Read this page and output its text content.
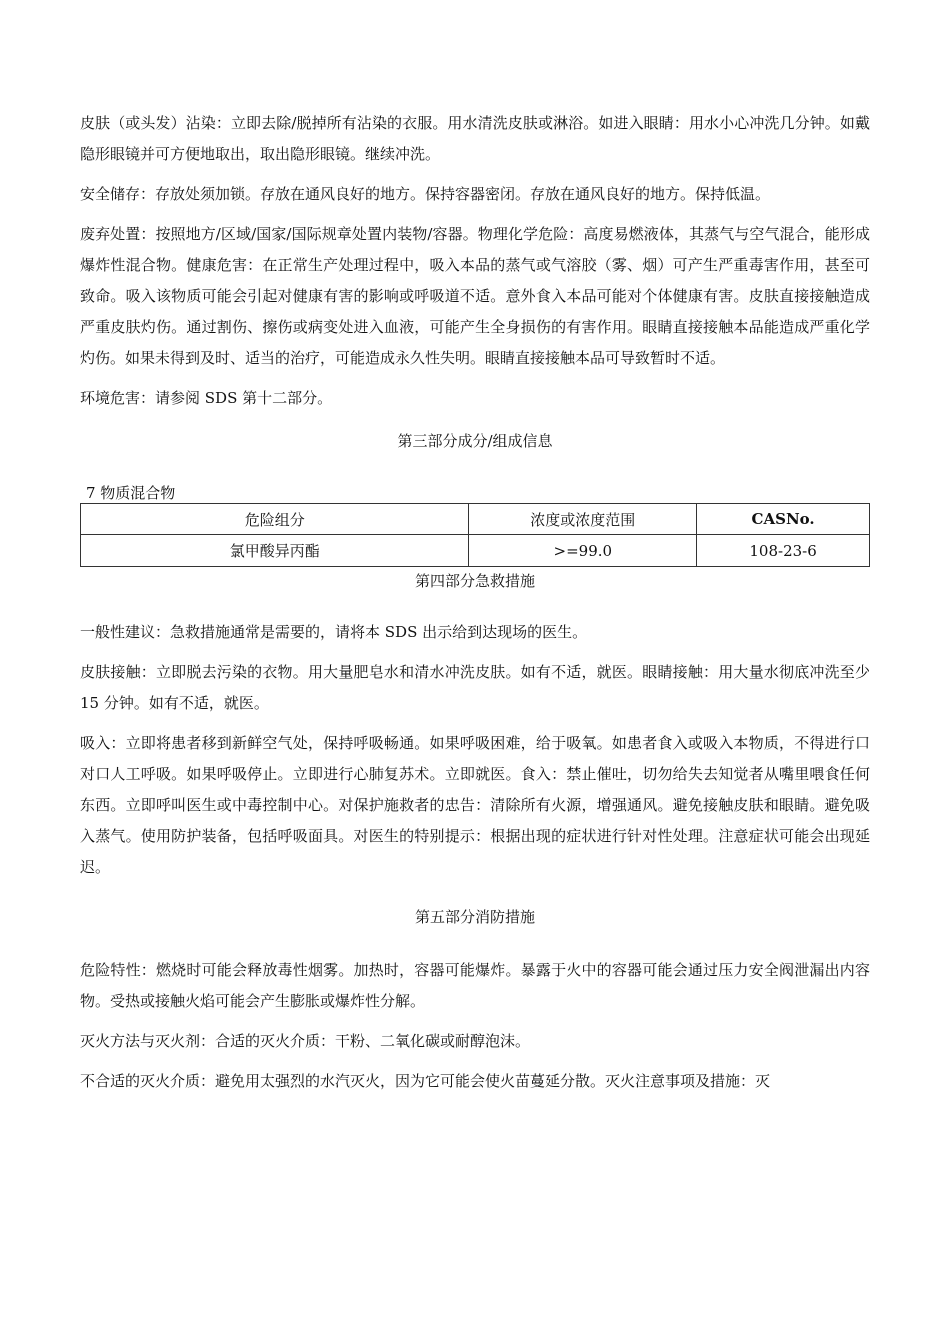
皮肤（或头发）沾染：立即去除/脱掉所有沾染的衣服。用水清洗皮肤或淋浴。如进入眼睛：用水小心冲洗几分钟。如戴隐形眼镜并可方便地取出，取出隐形眼镜。继续冲洗。

安全储存：存放处须加锁。存放在通风良好的地方。保持容器密闭。存放在通风良好的地方。保持低温。

废弃处置：按照地方/区域/国家/国际规章处置内装物/容器。物理化学危险：高度易燃液体，其蒸气与空气混合，能形成爆炸性混合物。健康危害：在正常生产处理过程中，吸入本品的蒸气或气溶胶（雾、烟）可产生严重毒害作用，甚至可致命。吸入该物质可能会引起对健康有害的影响或呼吸道不适。意外食入本品可能对个体健康有害。皮肤直接接触造成严重皮肤灼伤。通过割伤、擦伤或病变处进入血液，可能产生全身损伤的有害作用。眼睛直接接触本品能造成严重化学灼伤。如果未得到及时、适当的治疗，可能造成永久性失明。眼睛直接接触本品可导致暂时不适。

环境危害：请参阅 SDS 第十二部分。

第三部分成分/组成信息
7 物质混合物
危险组分	浓度或浓度范围	CASNo.
氯甲酸异丙酯	>=99.0	108-23-6
第四部分急救措施

一般性建议：急救措施通常是需要的，请将本 SDS 出示给到达现场的医生。

皮肤接触：立即脱去污染的衣物。用大量肥皂水和清水冲洗皮肤。如有不适，就医。眼睛接触：用大量水彻底冲洗至少 15 分钟。如有不适，就医。

吸入：立即将患者移到新鲜空气处，保持呼吸畅通。如果呼吸困难，给于吸氧。如患者食入或吸入本物质，不得进行口对口人工呼吸。如果呼吸停止。立即进行心肺复苏术。立即就医。食入：禁止催吐，切勿给失去知觉者从嘴里喂食任何东西。立即呼叫医生或中毒控制中心。对保护施救者的忠告：清除所有火源，增强通风。避免接触皮肤和眼睛。避免吸入蒸气。使用防护装备，包括呼吸面具。对医生的特别提示：根据出现的症状进行针对性处理。注意症状可能会出现延迟。

第五部分消防措施

危险特性：燃烧时可能会释放毒性烟雾。加热时，容器可能爆炸。暴露于火中的容器可能会通过压力安全阀泄漏出内容物。受热或接触火焰可能会产生膨胀或爆炸性分解。

灭火方法与灭火剂：合适的灭火介质：干粉、二氧化碳或耐醇泡沫。

不合适的灭火介质：避免用太强烈的水汽灭火，因为它可能会使火苗蔓延分散。灭火注意事项及措施：灭
